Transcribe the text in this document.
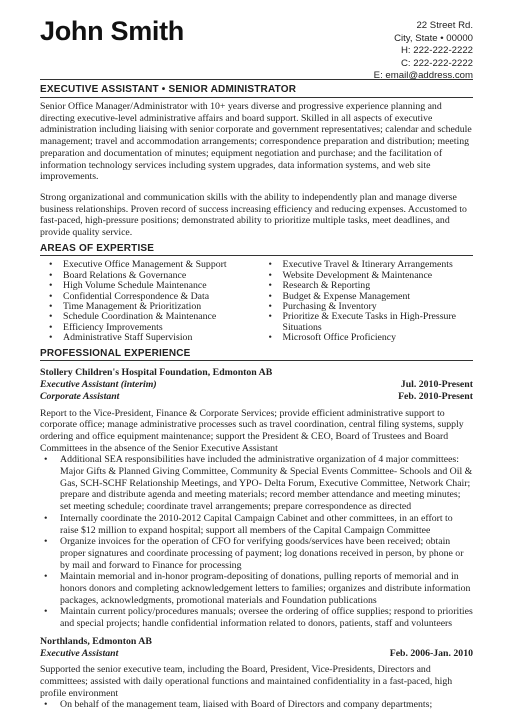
John Smith	22 Street Rd.
City, State • 00000
H: 222-222-2222
C: 222-222-2222
E: email@address.com
EXECUTIVE ASSISTANT • SENIOR ADMINISTRATOR

Senior Office Manager/Administrator with 10+ years diverse and progressive experience planning and directing executive-level administrative affairs and board support. Skilled in all aspects of executive administration including liaising with senior corporate and government representatives; calendar and schedule management; travel and accommodation arrangements; correspondence preparation and distribution; meeting preparation and documentation of minutes; equipment negotiation and purchase; and the facilitation of information technology services including system upgrades, data information systems, and web site improvements.

Strong organizational and communication skills with the ability to independently plan and manage diverse business relationships. Proven record of success increasing efficiency and reducing expenses. Accustomed to fast-paced, high-pressure positions; demonstrated ability to prioritize multiple tasks, meet deadlines, and provide quality service.

AREAS OF EXPERTISE
• Executive Office Management & Support
• Board Relations & Governance
• High Volume Schedule Maintenance
• Confidential Correspondence & Data
• Time Management & Prioritization
• Schedule Coordination & Maintenance
• Efficiency Improvements
• Administrative Staff Supervision
• Executive Travel & Itinerary Arrangements
• Website Development & Maintenance
• Research & Reporting
• Budget & Expense Management
• Purchasing & Inventory
• Prioritize & Execute Tasks in High-Pressure Situations
• Microsoft Office Proficiency
PROFESSIONAL EXPERIENCE
Stollery Children's Hospital Foundation, Edmonton AB
Executive Assistant (interim)	Jul. 2010-Present
Corporate Assistant	Feb. 2010-Present

Report to the Vice-President, Finance & Corporate Services; provide efficient administrative support to corporate office; manage administrative processes such as travel coordination, central filing systems, supply ordering and office equipment maintenance; support the President & CEO, Board of Trustees and Board Committees in the absence of the Senior Executive Assistant

• Additional SEA responsibilities have included the administrative organization of 4 major committees: Major Gifts & Planned Giving Committee, Community & Special Events Committee- Schools and Oil & Gas, SCH-SCHF Relationship Meetings, and YPO- Delta Forum, Executive Committee, Network Chair; prepare and distribute agenda and meeting materials; record member attendance and meeting minutes; set meeting schedule; coordinate travel arrangements; prepare correspondence as directed
• Internally coordinate the 2010-2012 Capital Campaign Cabinet and other committees, in an effort to raise $12 million to expand hospital; support all members of the Capital Campaign Committee
• Organize invoices for the operation of CFO for verifying goods/services have been received; obtain proper signatures and coordinate processing of payment; log donations received in person, by phone or by mail and forward to Finance for processing
• Maintain memorial and in-honor program-depositing of donations, pulling reports of memorial and in honors donors and completing acknowledgement letters to families; organizes and distribute information packages, acknowledgments, promotional materials and Foundation publications
• Maintain current policy/procedures manuals; oversee the ordering of office supplies; respond to priorities and special projects; handle confidential information related to donors, patients, staff and volunteers
Northlands, Edmonton AB
Executive Assistant	Feb. 2006-Jan. 2010

Supported the senior executive team, including the Board, President, Vice-Presidents, Directors and committees; assisted with daily operational functions and maintained confidentiality in a fast-paced, high profile environment

• On behalf of the management team, liaised with Board of Directors and company departments;
